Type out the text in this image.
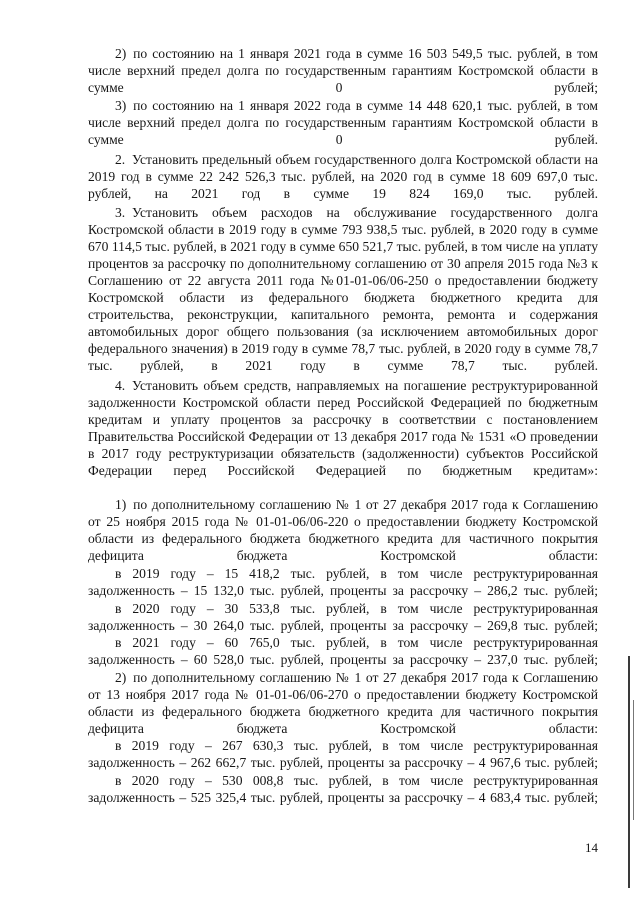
2) по состоянию на 1 января 2021 года в сумме 16 503 549,5 тыс. рублей, в том числе верхний предел долга по государственным гарантиям Костромской области в сумме 0 рублей;
3) по состоянию на 1 января 2022 года в сумме 14 448 620,1 тыс. рублей, в том числе верхний предел долга по государственным гарантиям Костромской области в сумме 0 рублей.
2. Установить предельный объем государственного долга Костромской области на 2019 год в сумме 22 242 526,3 тыс. рублей, на 2020 год в сумме 18 609 697,0 тыс. рублей, на 2021 год в сумме 19 824 169,0 тыс. рублей.
3. Установить объем расходов на обслуживание государственного долга Костромской области в 2019 году в сумме 793 938,5 тыс. рублей, в 2020 году в сумме 670 114,5 тыс. рублей, в 2021 году в сумме 650 521,7 тыс. рублей, в том числе на уплату процентов за рассрочку по дополнительному соглашению от 30 апреля 2015 года №3 к Соглашению от 22 августа 2011 года №01-01-06/06-250 о предоставлении бюджету Костромской области из федерального бюджета бюджетного кредита для строительства, реконструкции, капитального ремонта, ремонта и содержания автомобильных дорог общего пользования (за исключением автомобильных дорог федерального значения) в 2019 году в сумме 78,7 тыс. рублей, в 2020 году в сумме 78,7 тыс. рублей, в 2021 году в сумме 78,7 тыс. рублей.
4. Установить объем средств, направляемых на погашение реструктурированной задолженности Костромской области перед Российской Федерацией по бюджетным кредитам и уплату процентов за рассрочку в соответствии с постановлением Правительства Российской Федерации от 13 декабря 2017 года № 1531 «О проведении в 2017 году реструктуризации обязательств (задолженности) субъектов Российской Федерации перед Российской Федерацией по бюджетным кредитам»:
1) по дополнительному соглашению № 1 от 27 декабря 2017 года к Соглашению от 25 ноября 2015 года № 01-01-06/06-220 о предоставлении бюджету Костромской области из федерального бюджета бюджетного кредита для частичного покрытия дефицита бюджета Костромской области:
в 2019 году – 15 418,2 тыс. рублей, в том числе реструктурированная задолженность – 15 132,0 тыс. рублей, проценты за рассрочку – 286,2 тыс. рублей;
в 2020 году – 30 533,8 тыс. рублей, в том числе реструктурированная задолженность – 30 264,0 тыс. рублей, проценты за рассрочку – 269,8 тыс. рублей;
в 2021 году – 60 765,0 тыс. рублей, в том числе реструктурированная задолженность – 60 528,0 тыс. рублей, проценты за рассрочку – 237,0 тыс. рублей;
2) по дополнительному соглашению № 1 от 27 декабря 2017 года к Соглашению от 13 ноября 2017 года № 01-01-06/06-270 о предоставлении бюджету Костромской области из федерального бюджета бюджетного кредита для частичного покрытия дефицита бюджета Костромской области:
в 2019 году – 267 630,3 тыс. рублей, в том числе реструктурированная задолженность – 262 662,7 тыс. рублей, проценты за рассрочку – 4 967,6 тыс. рублей;
в 2020 году – 530 008,8 тыс. рублей, в том числе реструктурированная задолженность – 525 325,4 тыс. рублей, проценты за рассрочку – 4 683,4 тыс. рублей;
14
